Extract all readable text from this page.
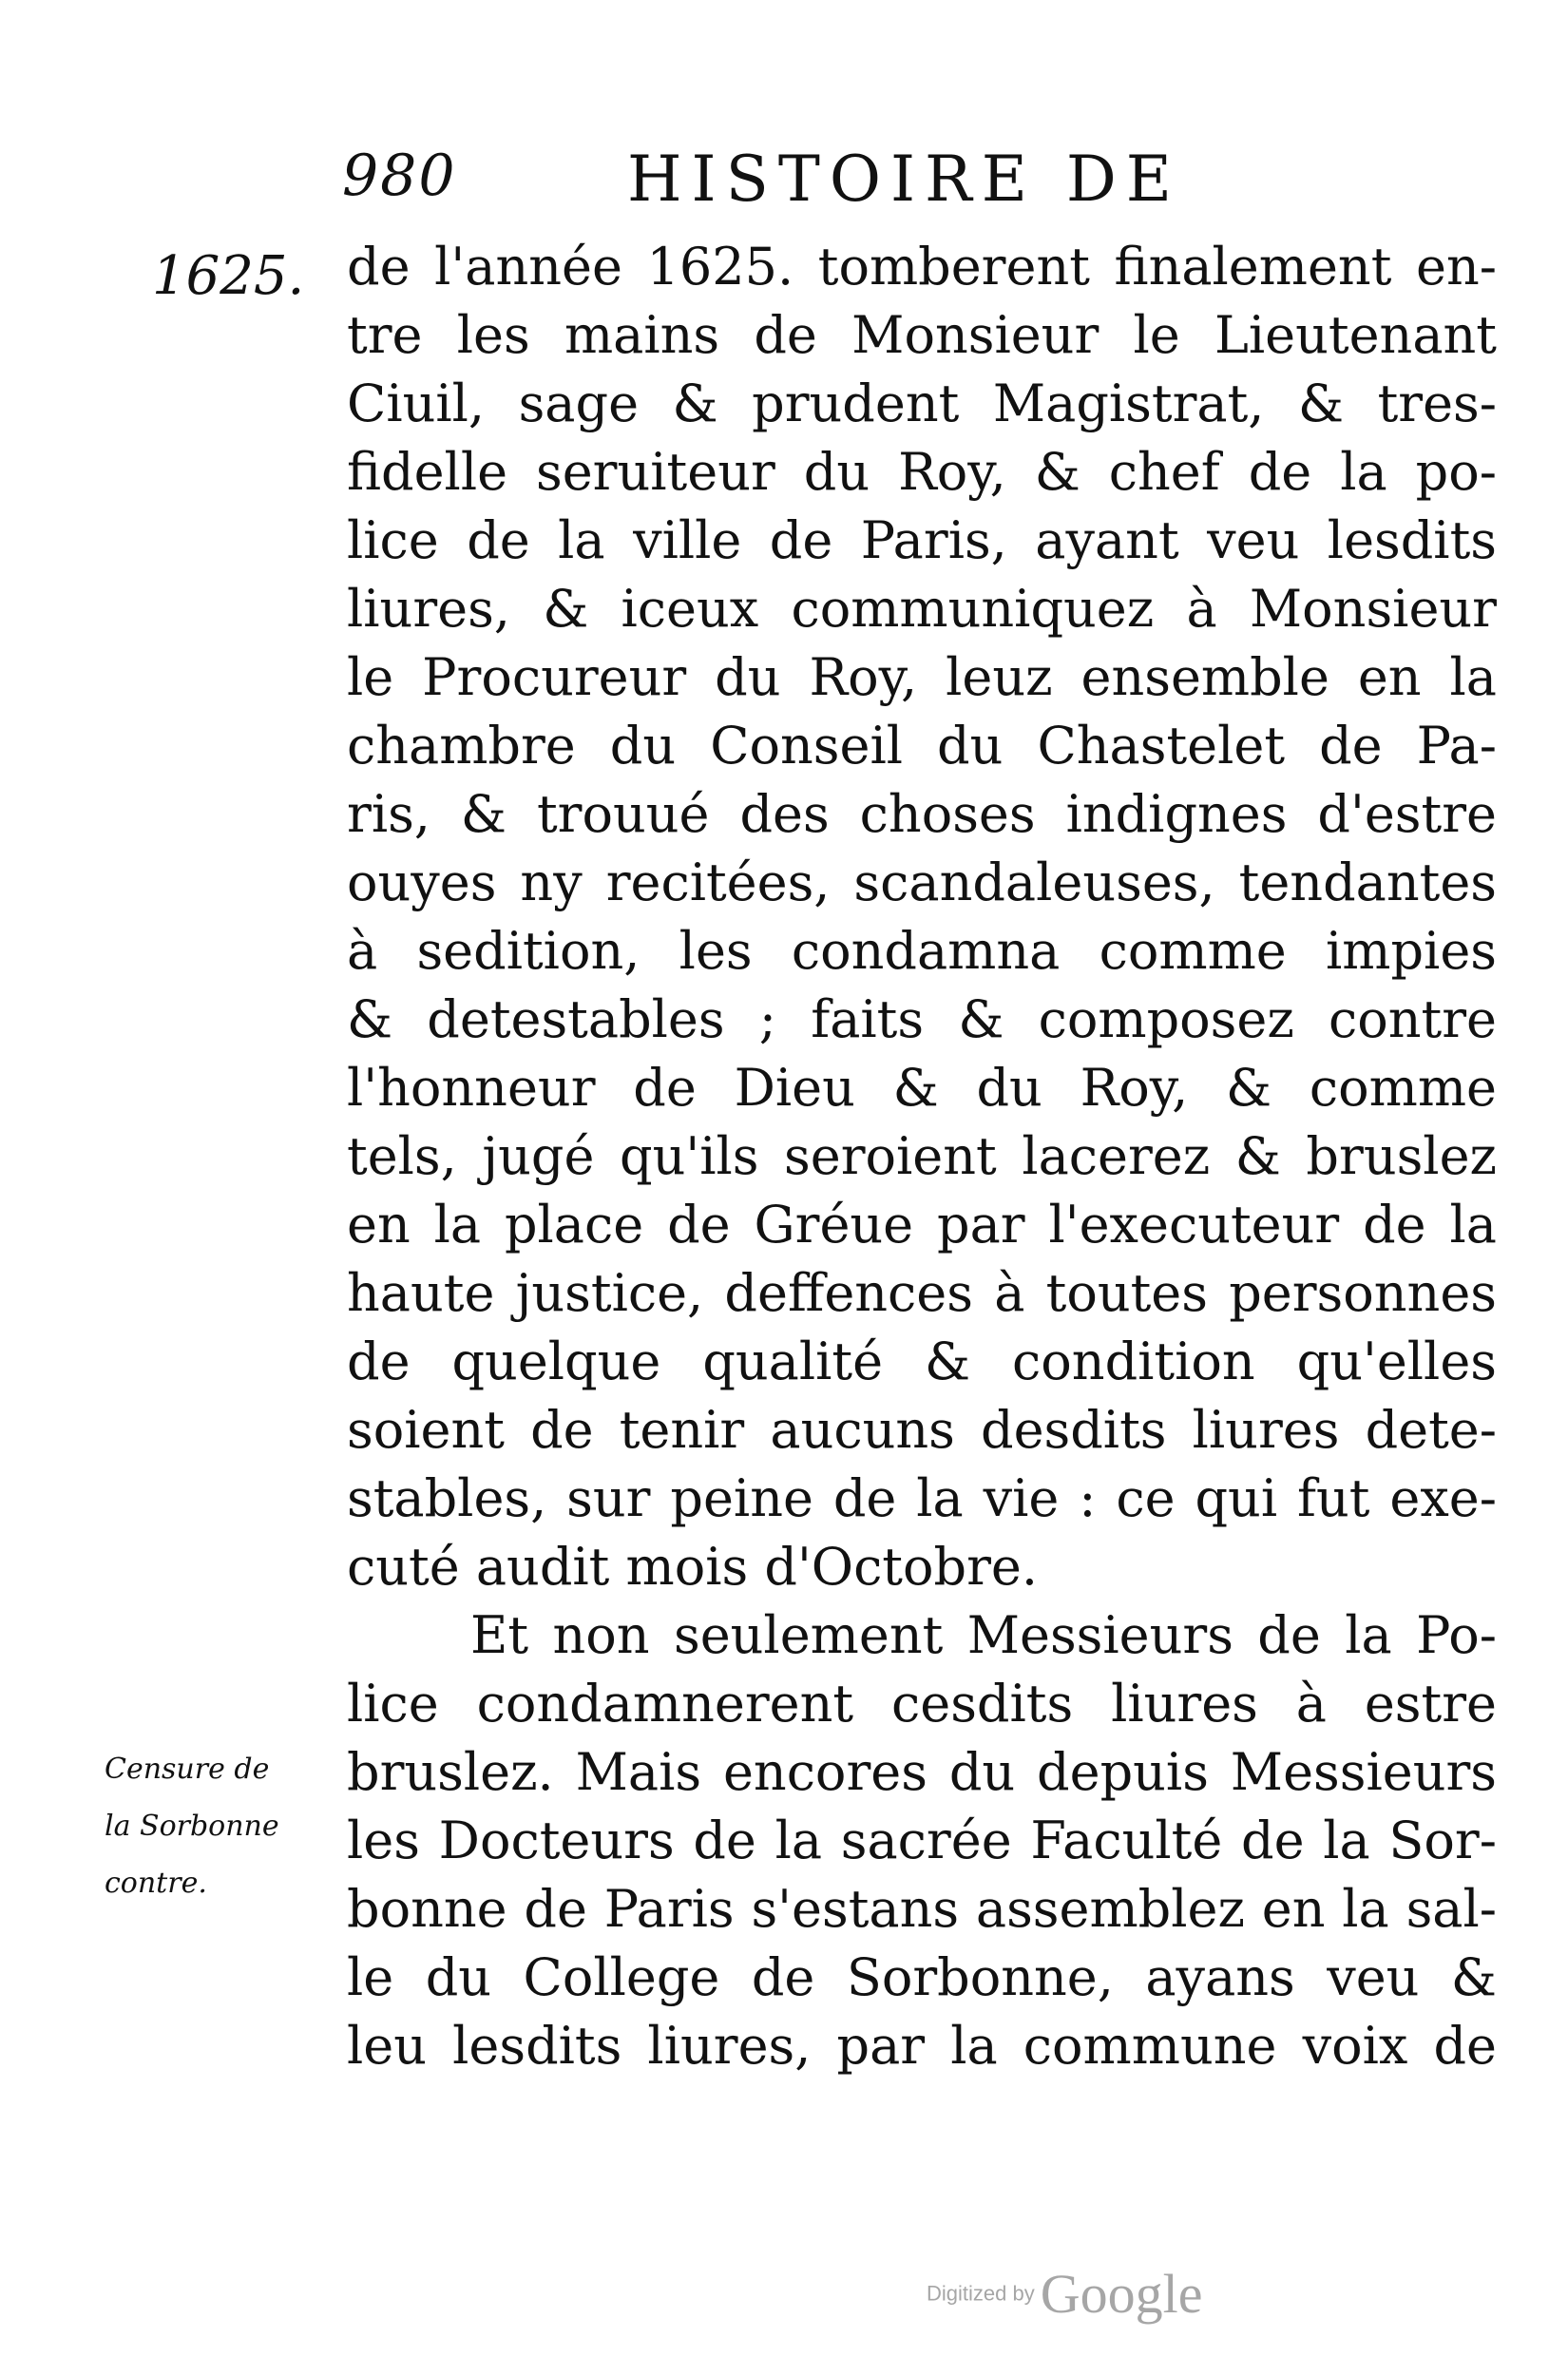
980	HISTOIRE DE
1625. de l'année 1625. tomberent finalement en-
tre les mains de Monsieur le Lieutenant
Ciuil, sage & prudent Magistrat, & tres-
fidelle seruiteur du Roy, & chef de la po-
lice de la ville de Paris, ayant veu lesdits
liures, & iceux communiquez à Monsieur
le Procureur du Roy, leuz ensemble en la
chambre du Conseil du Chastelet de Pa-
ris, & trouué des choses indignes d'estre
ouyes ny recitées, scandaleuses, tendantes
à sedition, les condamna comme impies
& detestables ; faits & composez contre
l'honneur de Dieu & du Roy, & comme
tels, jugé qu'ils seroient lacerez & bruslez
en la place de Gréue par l'executeur de la
haute justice, deffences à toutes personnes
de quelque qualité & condition qu'elles
soient de tenir aucuns desdits liures dete-
stables, sur peine de la vie : ce qui fut exe-
cuté audit mois d'Octobre.
Et non seulement Messieurs de la Po-
lice condamnerent cesdits liures à estre
bruslez. Mais encores du depuis Messieurs
les Docteurs de la sacrée Faculté de la Sor-
bonne de Paris s'estans assemblez en la sal-
le du College de Sorbonne, ayans veu &
leu lesdits liures, par la commune voix de
Censure de
la Sorbonne
contre.
Digitized by Google
